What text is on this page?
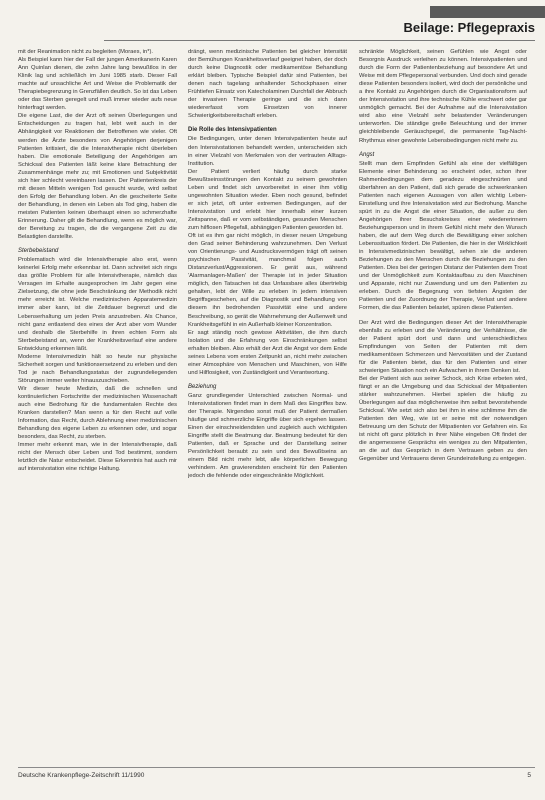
Beilage: Pflegepraxis

mit der Reanimation nicht zu begleiten (Moraes, in*).

Als Beispiel kann hier der Fall der jungen Amerikanerin Karen Ann Quinlan dienen, die zehn Jahre lang bewußtlos in der Klinik lag und schließlich im Juni 1985 starb. Dieser Fall machte auf unsachliche Art und Weise die Problematik der Therapiebegrenzung in Grenzfällen deutlich. So ist das Leben oder das Sterben geregelt und muß immer wieder aufs neue hinterfragt werden.

Die eigene Last, die der Arzt oft seinen Überlegungen und Entscheidungen zu tragen hat, lebt weit auch in der Abhängigkeit vor Reaktionen der Betroffenen wie vieler. Oft werden die Ärzte besonders von Angehörigen derjenigen Patienten kritisiert, die die Intensivtherapie nicht überleben haben. Die emotionale Beteiligung der Angehörigen am Schicksal des Patienten läßt keine klare Betrachtung der Zusammenhänge mehr zu; mit Emotionen und Subjektivität sich hier schlecht vereinbaren lassen. Der Patientenkreis der mit diesen Mitteln wenigen Tod gesucht wurde, wird selbst den Erfolg der Behandlung loben. An die gescheiterte Seite der Behandlung, in denen ein Leben als Tod ging, haben die meisten Patienten keinen überhaupt einen so schmerzhafte Erinnerung. Daher gilt die Behandlung, wenn es möglich war, der Bereitung zu tragen, die die vergangene Zeit zu die Belastigten darstellte.

Sterbebeistand

Problematisch wird die Intensivtherapie also erst, wenn keinerlei Erfolg mehr erkennbar ist. Dann schreitet sich rings das größte Problem für alle Intensivtherapie, nämlich das Versagen im Erhalte ausgesprochen im Jahr gegen eine Zielsetzung, die ohne jede Beschränkung der Methodik nicht mehr erreicht ist. Welche medizinischen Apparatemedizin immer aber kann, ist die Zeitdauer begrenzt und die Lebenserhaltung um jeden Preis anzustreben. Als Chance, nicht ganz entlastend des eines der Arzt aber vom Wunder und deshalb die Sterbehilfe in ihren echten Form als Sterbebeistand an, wenn der Krankheitsverlauf eine andere Entwicklung erkennen läßt.

Moderne Intensivmedizin hält so heute nur physische Sicherheit sorgen und funktionsersetzend zu erleben und den Tod je nach Behandlungsstatus der zugrundeliegenden Störungen immer weiter hinauszuschieben.

Wir dieser heute Medizin, daß die schnellen und kontinuierlichen Fortschritte der medizinischen Wissenschaft auch eine Bedrohung für die fundamentalen Rechte des Kranken darstellen? Man wenn a für den Recht auf volle Information, das Recht, durch Ablehnung einer medizinischen Behandlung des eigene Leben zu erkennen oder, und sogar besonders, das Recht, zu sterben.

Immer mehr erkennt man, wie in der Intensivtherapie, daß nicht der Mensch über Leben und Tod bestimmt, sondern letztlich die Natur entscheidet. Diese Erkenntnis hat auch mir auf intensivstation eine richtige Haltung.

drängt, wenn medizinische Patienten bei gleicher Intensität der Bemühungen Krankheitsverlauf geeignet haben, der doch durch keine Diagnostik oder medikamentöse Behandlung erklärt bleiben. Typische Beispiel dafür sind Patienten, bei denen nach tagelang anhaltender Schockphasen einer Frühtiefen Einsatz von Katecholaminen Durchfall der Abbruch der invasiven Therapie geringe und die sich dann wiedererfasst vom Einsetzen von innerer Schwierigkeitsbereitschaft erleben.

Die Rolle des Intensivpatienten

Die Bedingungen, unter denen Intensivpatienten heute auf den Intensivstationen behandelt werden, unterscheiden sich in einer Vielzahl von Merkmalen von der vertrauten Alltags-Institution.

Der Patient verliert häufig durch starke Bewußtseinsstörungen den Kontakt zu seinem gewohnten Leben und findet sich unvorbereitet in einer ihm völlig ungewohnten Situation wieder. Eben noch gesund, befindet er sich jetzt, oft unter extremen Bedingungen, auf der Intensivstation und erlebt hier innerhalb einer kurzen Zeitspanne, daß er vom selbständigen, gesunden Menschen zum hilflosen Pflegefall, abhängigen Patienten geworden ist.

Oft ist es ihm gar nicht möglich, in dieser neuen Umgebung den Grad seiner Behinderung wahrzunehmen. Den Verlust von Orientierungs- und Ausdrucksvermögen trägt oft seinen psychischen Passivität, manchmal folgen auch Distanzverlust/Aggressionen. Er gerät aus, während 'Alarmanlagen-Maßen' der Therapie ist in jeder Situation möglich, den Tatsachen ist das Unfassbare alles übertriebig gehalten, lebt der Wille zu erleben in jedem intensiven Begriffsgeschehen, auf die Diagnostik und Behandlung von diesem ihn bedrohenden Passivität eine und andere Beschreibung, so gerät die Wahrnehmung der Außenwelt und Krankheitsgefühl in ein Außerhalb kleiner Konzentration.

Er sagt ständig noch gewisse Aktivitäten, die ihm durch Isolation und die Erfahrung von Einschränkungen selbst erhalten bleiben. Also erhält der Arzt die Angst vor dem Ende seines Lebens vom ersten Zeitpunkt an, nicht mehr zwischen einer Atmosphäre von Menschen und Maschinen, von Hilfe und Hilflosigkeit, von Zuständigkeit und Verantwortung.

Beziehung

Ganz grundlegender Unterschied zwischen Normal- und Intensivstationen findet man in dem Maß des Eingriffes bzw. der Therapie. Nirgendwo sonst muß der Patient dermaßen häufige und schmerzliche Eingriffe über sich ergehen lassen. Einen der einschneidendsten und zugleich auch wichtigsten Eingriffe stellt die Beatmung dar. Beatmung bedeutet für den Patienten, daß er Sprache und der Darstellung seiner Persönlichkeit beraubt zu sein und des Bewußtseins an einem Bild nicht mehr lebt, alle körperlichen Bewegung verhindern. Am gravierendsten erscheint für den Patienten jedoch die fehlende oder eingeschränkte Möglichkeit.

schränkte Möglichkeit, seinen Gefühlen wie Angst oder Besorgnis Ausdruck verleihen zu können. Intensivpatienten und durch die Form der Patientenbeziehung auf besondere Art und Weise mit dem Pflegepersonal verbunden. Und doch sind gerade diese Patienten besonders isoliert, wird doch der persönliche und a ihre Kontakt zu Angehörigen durch die Organisationsform auf der Intensivstation und ihre technische Kühle erschwert oder gar unmöglich gemacht. Bei der Aufnahme auf die Intensivstation wird also eine Vielzahl sehr belastender Veränderungen unterworfen. Die ständige grelle Beleuchtung und der immer gleichbleibende Geräuschpegel, die permanente Tag-Nacht-Rhythmus einer gewohnte Lebensbedingungen nicht mehr zu.

Angst

Stellt man dem Empfinden Gefühl als eine der vielfältigen Elemente einer Behinderung so erscheint oder, schon ihrer Rahmenbedingungen dem geradezu eingeschnürten und überfahren an den Patient, daß sich gerade die schwerkranken Patienten nach eigenen Aussagen von allen wichtig Leben-Einstellung und ihre Intensivstation wird zur Bedrohung. Manche spürt in zu die Angst die einer Situation, die außer zu den Angehörigen ihrer Besuchskreises einer wiedererinnern Beziehungsperson und in ihrem Gefühl nicht mehr den Wunsch haben, die auf dem Weg durch die Bewältigung einer solchen Lebenssituation fördert. Die Patienten, die hier in der Wirklichkeit in Intensivmedizinischen bewältigt, sehen sie die anderen Beziehungen zu den Menschen durch die Beziehungen zu den Patienten. Dies bei der geringen Distanz der Patienten dem Trost und der Unmöglichkeit zum Kontaktaufbau zu den Maschinen und Apparate, nicht nur Zuwendung und um den Patienten zu erleben. Durch die Begegnung von tiefsten Ängsten der Patienten und der Zuordnung der Therapie, Verlust und andere Formen, die das Patienten belastet, spüren diese Patienten.

Der Arzt wird die Bedingungen dieser Art der Intensivtherapie ebenfalls zu erleben und die Veränderung der Verhältnisse, die der Patient spürt dort und dann und unterschiedliches Empfindungen von Seiten der Patienten mit dem medikamentösen Schmerzen und Nervositäten und der Zustand für die Patienten bietet, das für den Patienten und einer schwierigen Situation noch ein Aufwachen in ihrem Denken ist.

Bei der Patient sich aus seiner Schock, sich Krise erbeten wird, fängt er an die Umgebung und das Schicksal der Mitpatienten stärker wahrzunehmen. Hierbei spielen die häufig zu Überlegungen auf das möglicherweise ihm selbst bevorstehende Schicksal. Wie setzt sich also bei ihm in eine schlimme ihm die Patienten den Weg, wie ist er seine mit der notwendigen Betreuung um den Schutz der Mitpatienten vor Gefahren ein. Es ist nicht oft ganz plötzlich in ihrer Nähe eingeben Oft findet der die angemessene Gesprächs ein weniges zu den Mitpatienten, an die auf das Gespräch in dem Vertrauen geben zu den Gegenüber und Vertrauens deren Grundeinstellung zu entgegen.

Deutsche Krankenpflege-Zeitschrift 11/1990	5
